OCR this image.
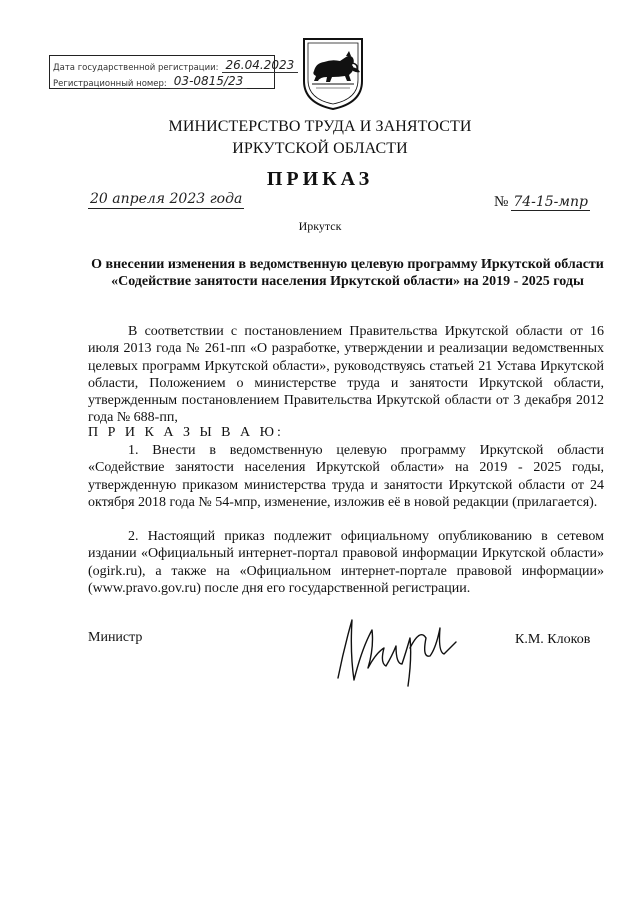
Дата государственной регистрации: 26.04.2023
Регистрационный номер: 03-0815/23
МИНИСТЕРСТВО ТРУДА И ЗАНЯТОСТИ
ИРКУТСКОЙ ОБЛАСТИ
ПРИКАЗ
20 апреля 2023 года	№ 74-15-мпр
Иркутск
О внесении изменения в ведомственную целевую программу Иркутской области «Содействие занятости населения Иркутской области» на 2019 - 2025 годы
В соответствии с постановлением Правительства Иркутской области от 16 июля 2013 года № 261-пп «О разработке, утверждении и реализации ведомственных целевых программ Иркутской области», руководствуясь статьей 21 Устава Иркутской области, Положением о министерстве труда и занятости Иркутской области, утвержденным постановлением Правительства Иркутской области от 3 декабря 2012 года № 688-пп,
П Р И К А З Ы В А Ю:
1. Внести в ведомственную целевую программу Иркутской области «Содействие занятости населения Иркутской области» на 2019 - 2025 годы, утвержденную приказом министерства труда и занятости Иркутской области от 24 октября 2018 года № 54-мпр, изменение, изложив её в новой редакции (прилагается).
2. Настоящий приказ подлежит официальному опубликованию в сетевом издании «Официальный интернет-портал правовой информации Иркутской области» (ogirk.ru), а также на «Официальном интернет-портале правовой информации» (www.pravo.gov.ru) после дня его государственной регистрации.
Министр	К.М. Клоков
